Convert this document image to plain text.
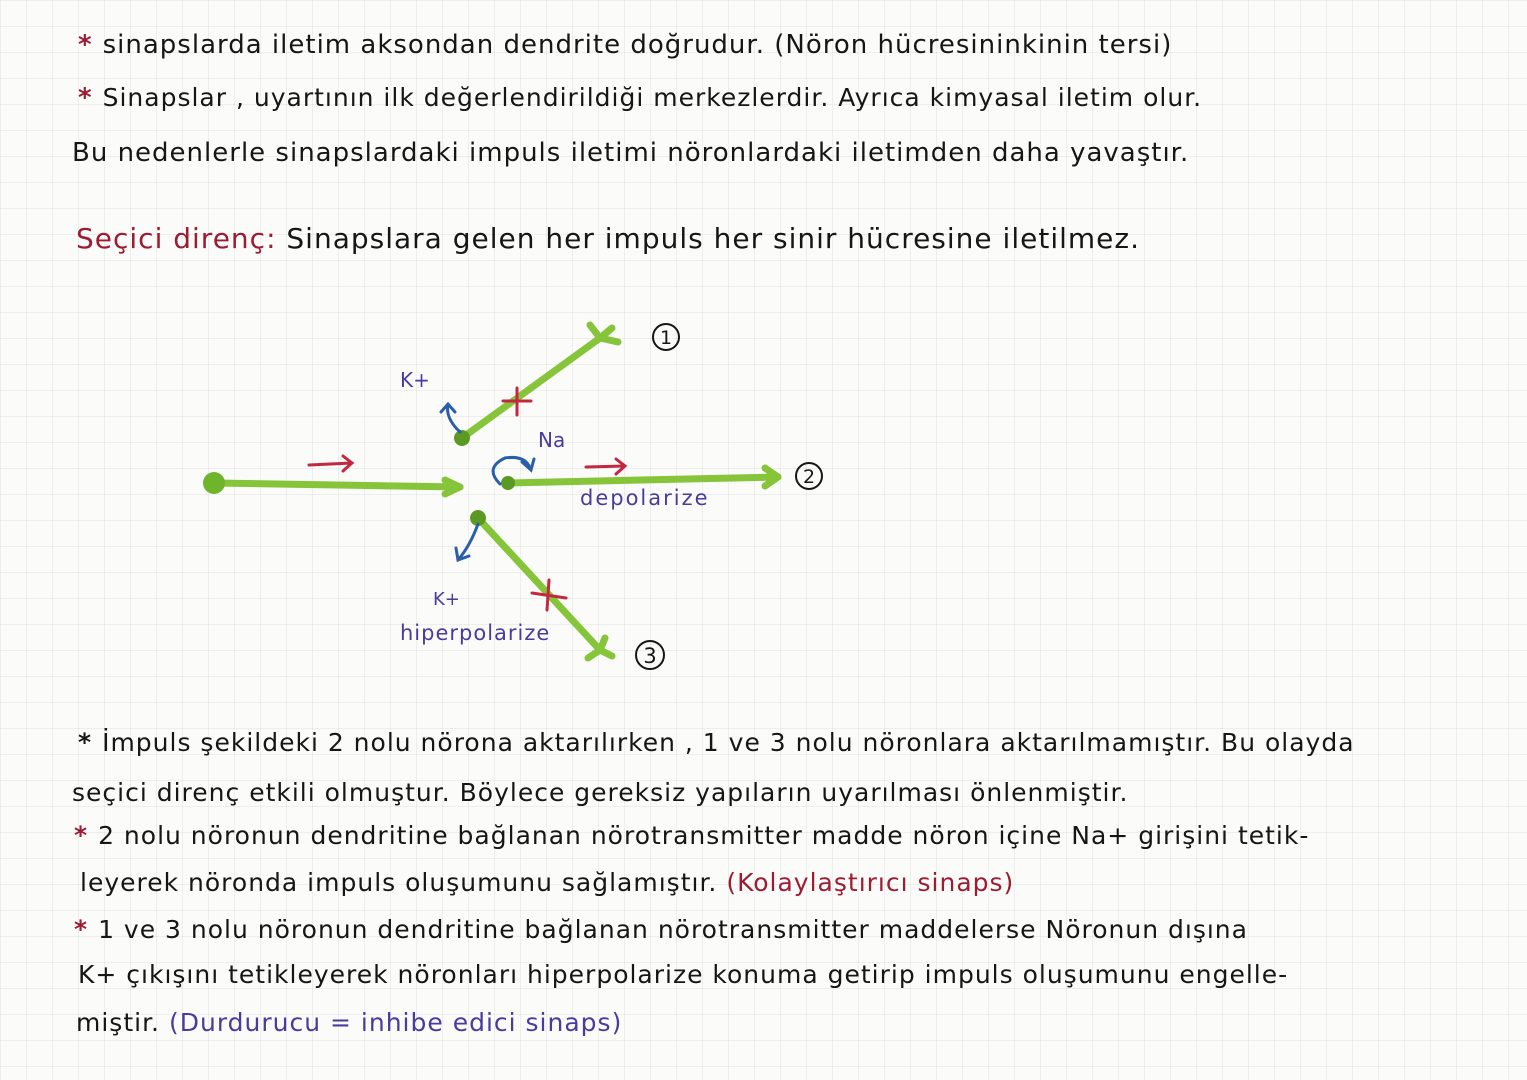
* sinapslarda iletim aksondan dendrite doğrudur. (Nöron hücresininkinin tersi)
* Sinapslar , uyartının ilk değerlendirildiği merkezlerdir. Ayrıca kimyasal iletim olur.
Bu nedenlerle sinapslardaki impuls iletimi nöronlardaki iletimden daha yavaştır.
Seçici direnç: Sinapslara gelen her impuls her sinir hücresine iletilmez.
1
2
3
K+
Na
depolarize
K+
hiperpolarize
* İmpuls şekildeki 2 nolu nörona aktarılırken , 1 ve 3 nolu nöronlara aktarılmamıştır. Bu olayda
seçici direnç etkili olmuştur. Böylece gereksiz yapıların uyarılması önlenmiştir.
* 2 nolu nöronun dendritine bağlanan nörotransmitter madde nöron içine Na+ girişini tetik-
leyerek nöronda impuls oluşumunu sağlamıştır. (Kolaylaştırıcı sinaps)
* 1 ve 3 nolu nöronun dendritine bağlanan nörotransmitter maddelerse Nöronun dışına
K+ çıkışını tetikleyerek nöronları hiperpolarize konuma getirip impuls oluşumunu engelle-
miştir. (Durdurucu = inhibe edici sinaps)
